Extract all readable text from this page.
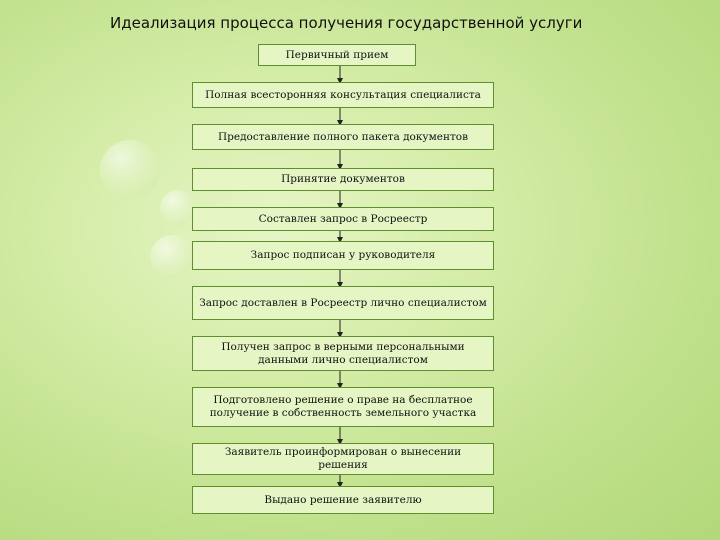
Идеализация процесса получения государственной услуги
Первичный прием
Полная всесторонняя консультация специалиста
Предоставление полного пакета документов
Принятие документов
Составлен запрос в Росреестр
Запрос подписан у руководителя
Запрос доставлен в Росреестр лично специалистом
Получен запрос в верными персональными данными лично специалистом
Подготовлено решение о праве на бесплатное получение в собственность земельного участка
Заявитель проинформирован о вынесении решения
Выдано решение заявителю
